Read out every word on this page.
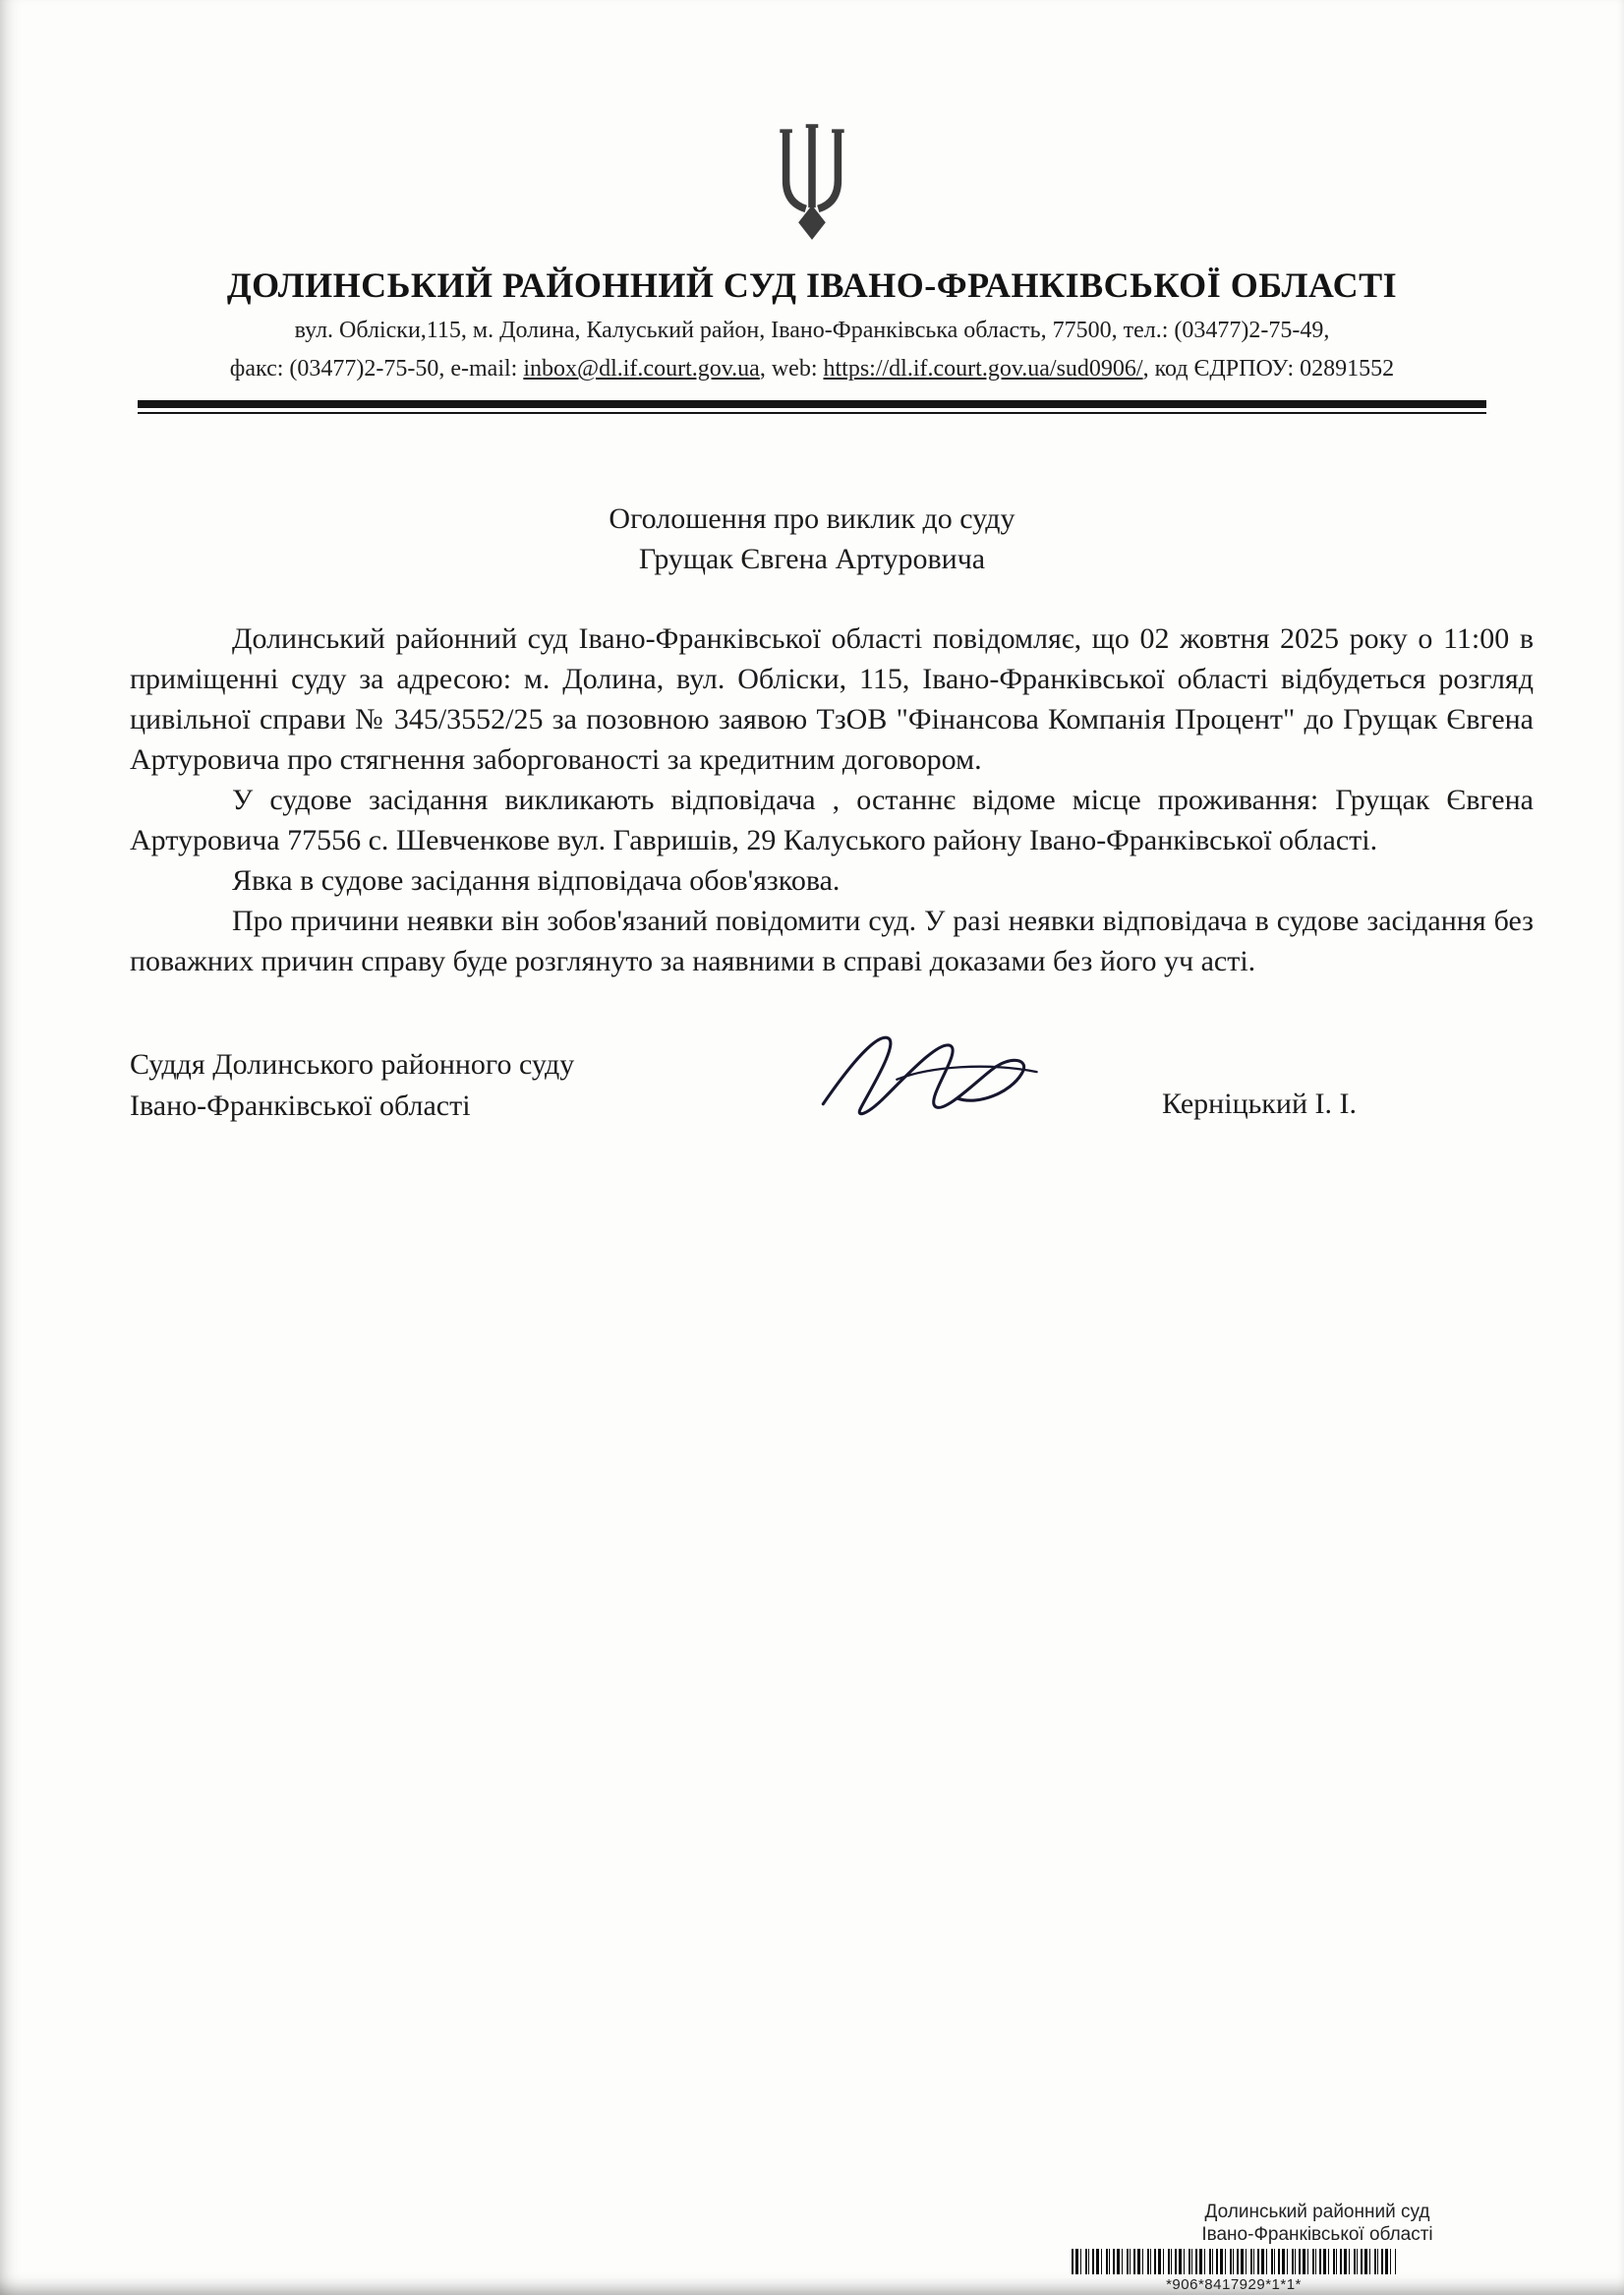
ДОЛИНСЬКИЙ РАЙОННИЙ СУД ІВАНО-ФРАНКІВСЬКОЇ ОБЛАСТІ

вул. Обліски,115, м. Долина, Калуський район, Івано-Франківська область, 77500, тел.: (03477)2-75-49,

факс: (03477)2-75-50, e-mail: inbox@dl.if.court.gov.ua, web: https://dl.if.court.gov.ua/sud0906/, код ЄДРПОУ: 02891552

Оголошення про виклик до суду
Грущак Євгена Артуровича

Долинський районний суд Івано-Франківської області повідомляє, що 02 жовтня 2025 року о 11:00 в приміщенні суду за адресою: м. Долина, вул. Обліски, 115, Івано-Франківської області відбудеться розгляд цивільної справи № 345/3552/25 за позовною заявою ТзОВ "Фінансова Компанія Процент" до Грущак Євгена Артуровича про стягнення заборгованості за кредитним договором.

У судове засідання викликають відповідача , останнє відоме місце проживання: Грущак Євгена Артуровича 77556 с. Шевченкове вул. Гавришів, 29 Калуського району Івано-Франківської області.

Явка в судове засідання відповідача обов'язкова.

Про причини неявки він зобов'язаний повідомити суд. У разі неявки відповідача в судове засідання без поважних причин справу буде розглянуто за наявними в справі доказами без його уч асті.

Суддя Долинського районного суду
Івано-Франківської області	Керніцький І. І.
Долинський районний суд
Івано-Франківської області
*906*8417929*1*1*
